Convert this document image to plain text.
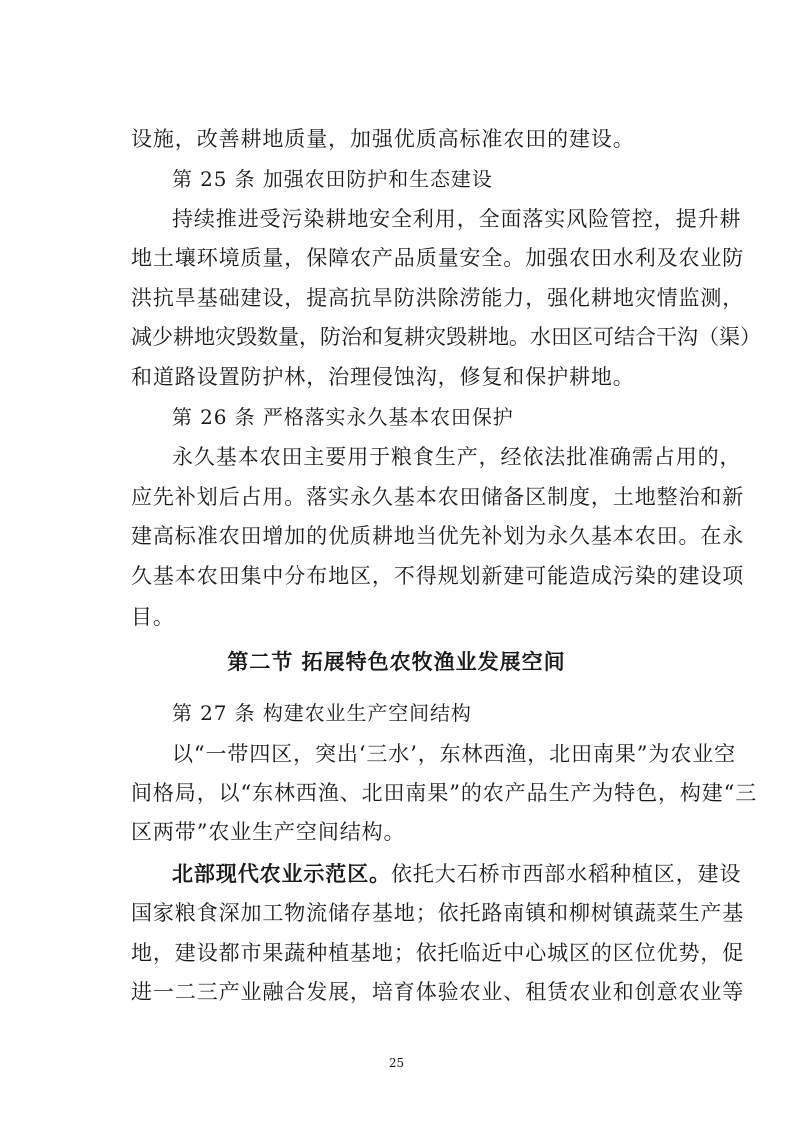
设施，改善耕地质量，加强优质高标准农田的建设。
第 25 条 加强农田防护和生态建设
持续推进受污染耕地安全利用，全面落实风险管控，提升耕
地土壤环境质量，保障农产品质量安全。加强农田水利及农业防
洪抗旱基础建设，提高抗旱防洪除涝能力，强化耕地灾情监测，
减少耕地灾毁数量，防治和复耕灾毁耕地。水田区可结合干沟（渠）
和道路设置防护林，治理侵蚀沟，修复和保护耕地。
第 26 条 严格落实永久基本农田保护
永久基本农田主要用于粮食生产，经依法批准确需占用的，
应先补划后占用。落实永久基本农田储备区制度，土地整治和新
建高标准农田增加的优质耕地当优先补划为永久基本农田。在永
久基本农田集中分布地区，不得规划新建可能造成污染的建设项
目。
第二节 拓展特色农牧渔业发展空间
第 27 条 构建农业生产空间结构
以“一带四区，突出‘三水’，东林西渔，北田南果”为农业空
间格局，以“东林西渔、北田南果”的农产品生产为特色，构建“三
区两带”农业生产空间结构。
北部现代农业示范区。 依托大石桥市西部水稻种植区，建设
国家粮食深加工物流储存基地；依托路南镇和柳树镇蔬菜生产基
地，建设都市果蔬种植基地；依托临近中心城区的区位优势，促
进一二三产业融合发展，培育体验农业、租赁农业和创意农业等
25
